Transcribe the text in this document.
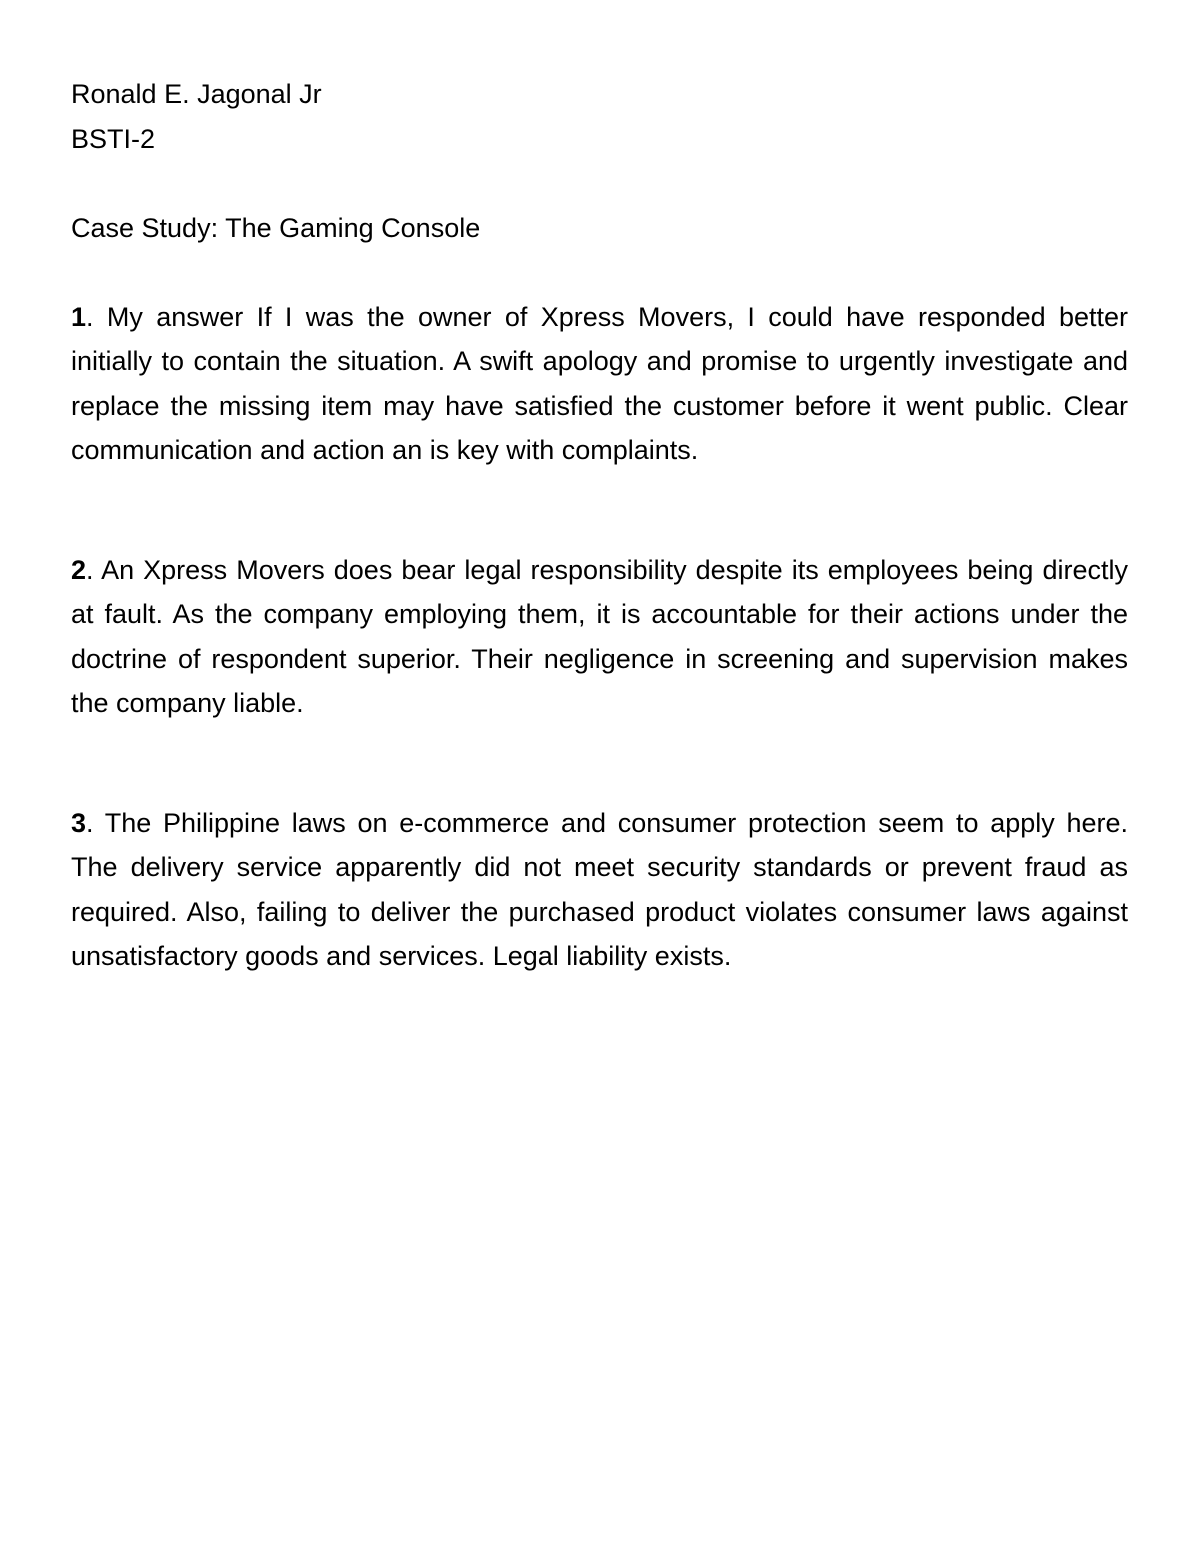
Ronald E. Jagonal Jr

BSTI-2

Case Study: The Gaming Console

1. My answer If I was the owner of Xpress Movers, I could have responded better initially to contain the situation. A swift apology and promise to urgently investigate and replace the missing item may have satisfied the customer before it went public. Clear communication and action an is key with complaints.

2. An Xpress Movers does bear legal responsibility despite its employees being directly at fault. As the company employing them, it is accountable for their actions under the doctrine of respondent superior. Their negligence in screening and supervision makes the company liable.

3. The Philippine laws on e-commerce and consumer protection seem to apply here. The delivery service apparently did not meet security standards or prevent fraud as required. Also, failing to deliver the purchased product violates consumer laws against unsatisfactory goods and services. Legal liability exists.
